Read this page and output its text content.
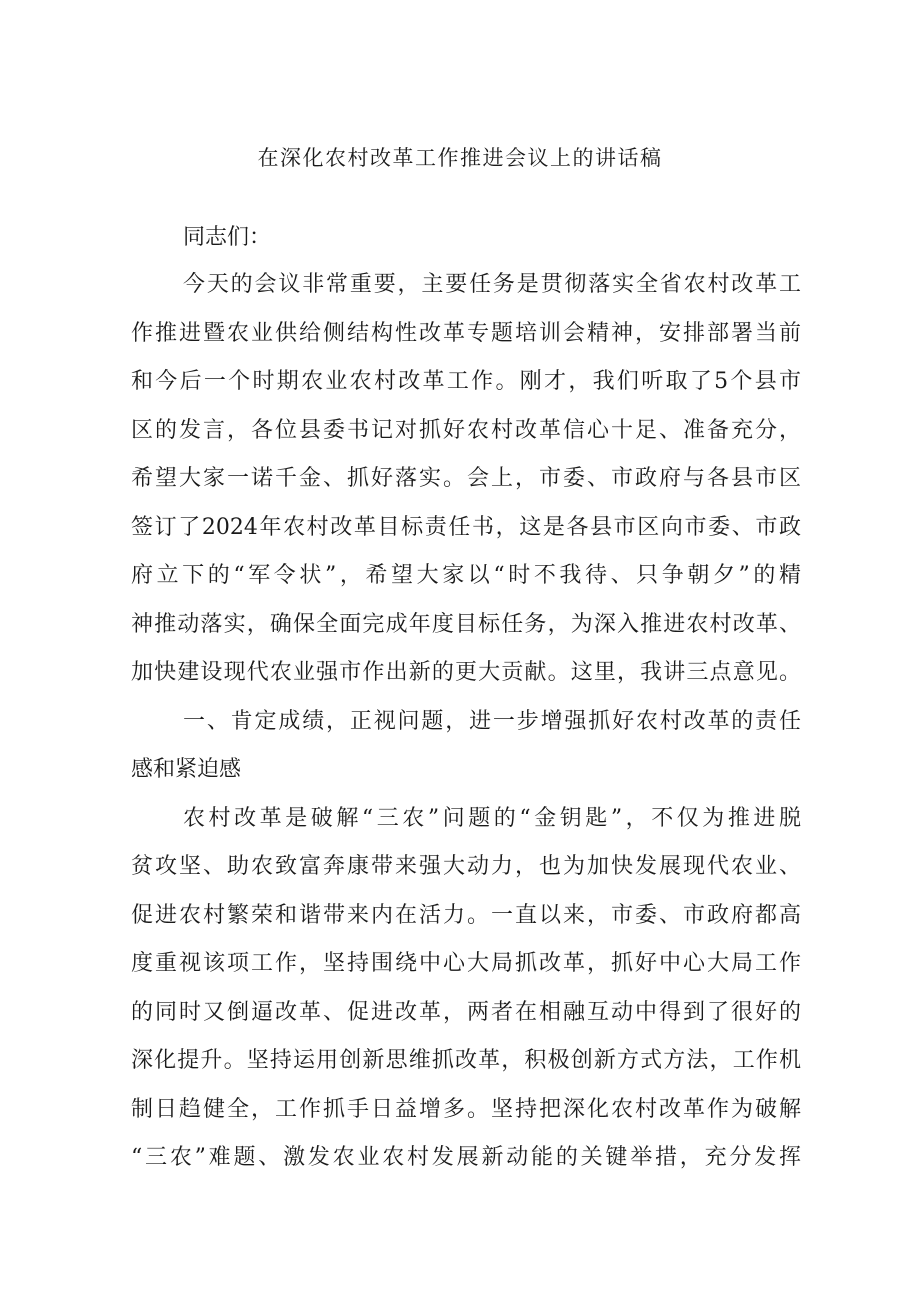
在深化农村改革工作推进会议上的讲话稿
同志们：
今天的会议非常重要，主要任务是贯彻落实全省农村改革工
作推进暨农业供给侧结构性改革专题培训会精神，安排部署当前
和今后一个时期农业农村改革工作。刚才，我们听取了5个县市
区的发言，各位县委书记对抓好农村改革信心十足、准备充分，
希望大家一诺千金、抓好落实。会上，市委、市政府与各县市区
签订了2024年农村改革目标责任书，这是各县市区向市委、市政
府立下的“军令状”，希望大家以“时不我待、只争朝夕”的精
神推动落实，确保全面完成年度目标任务，为深入推进农村改革、
加快建设现代农业强市作出新的更大贡献。这里，我讲三点意见。
一、肯定成绩，正视问题，进一步增强抓好农村改革的责任
感和紧迫感
农村改革是破解“三农”问题的“金钥匙”，不仅为推进脱
贫攻坚、助农致富奔康带来强大动力，也为加快发展现代农业、
促进农村繁荣和谐带来内在活力。一直以来，市委、市政府都高
度重视该项工作，坚持围绕中心大局抓改革，抓好中心大局工作
的同时又倒逼改革、促进改革，两者在相融互动中得到了很好的
深化提升。坚持运用创新思维抓改革，积极创新方式方法，工作机
制日趋健全，工作抓手日益增多。坚持把深化农村改革作为破解
“三农”难题、激发农业农村发展新动能的关键举措，充分发挥
